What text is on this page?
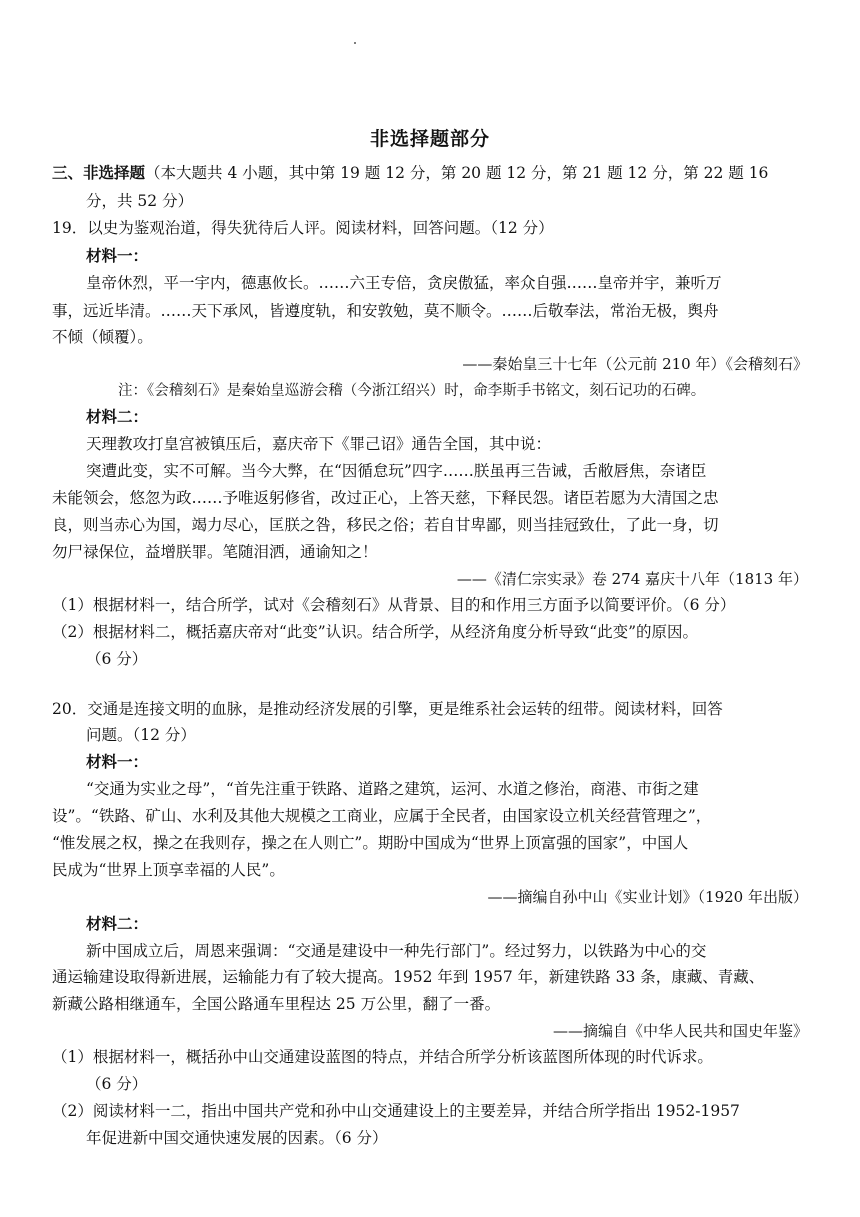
非选择题部分
三、非选择题（本大题共 4 小题，其中第 19 题 12 分，第 20 题 12 分，第 21 题 12 分，第 22 题 16
分，共 52 分）
19．以史为鉴观治道，得失犹待后人评。阅读材料，回答问题。（12 分）
材料一：
皇帝休烈，平一宇内，德惠攸长。……六王专倍，贪戾傲猛，率众自强……皇帝并宇，兼听万
事，远近毕清。……天下承风，皆遵度轨，和安敦勉，莫不顺令。……后敬奉法，常治无极，舆舟
不倾（倾覆）。
——秦始皇三十七年（公元前 210 年）《会稽刻石》
注：《会稽刻石》是秦始皇巡游会稽（今浙江绍兴）时，命李斯手书铭文，刻石记功的石碑。
材料二：
天理教攻打皇宫被镇压后，嘉庆帝下《罪己诏》通告全国，其中说：
突遭此变，实不可解。当今大弊，在“因循怠玩”四字……朕虽再三告诫，舌敝唇焦，奈诸臣
未能领会，悠忽为政……予唯返躬修省，改过正心，上答天慈，下释民怨。诸臣若愿为大清国之忠
良，则当赤心为国，竭力尽心，匡朕之咎，移民之俗；若自甘卑鄙，则当挂冠致仕，了此一身，切
勿尸禄保位，益增朕罪。笔随泪洒，通谕知之！
——《清仁宗实录》卷 274 嘉庆十八年（1813 年）
（1）根据材料一，结合所学，试对《会稽刻石》从背景、目的和作用三方面予以简要评价。（6 分）
（2）根据材料二，概括嘉庆帝对“此变”认识。结合所学，从经济角度分析导致“此变”的原因。
（6 分）
20．交通是连接文明的血脉，是推动经济发展的引擎，更是维系社会运转的纽带。阅读材料，回答
问题。（12 分）
材料一：
“交通为实业之母”，“首先注重于铁路、道路之建筑，运河、水道之修治，商港、市街之建
设”。“铁路、矿山、水利及其他大规模之工商业，应属于全民者，由国家设立机关经营管理之”，
“惟发展之权，操之在我则存，操之在人则亡”。期盼中国成为“世界上顶富强的国家”，中国人
民成为“世界上顶享幸福的人民”。
——摘编自孙中山《实业计划》（1920 年出版）
材料二：
新中国成立后，周恩来强调：“交通是建设中一种先行部门”。经过努力，以铁路为中心的交
通运输建设取得新进展，运输能力有了较大提高。1952 年到 1957 年，新建铁路 33 条，康藏、青藏、
新藏公路相继通车，全国公路通车里程达 25 万公里，翻了一番。
——摘编自《中华人民共和国史年鉴》
（1）根据材料一，概括孙中山交通建设蓝图的特点，并结合所学分析该蓝图所体现的时代诉求。
（6 分）
（2）阅读材料一二，指出中国共产党和孙中山交通建设上的主要差异，并结合所学指出 1952-1957
年促进新中国交通快速发展的因素。（6 分）
